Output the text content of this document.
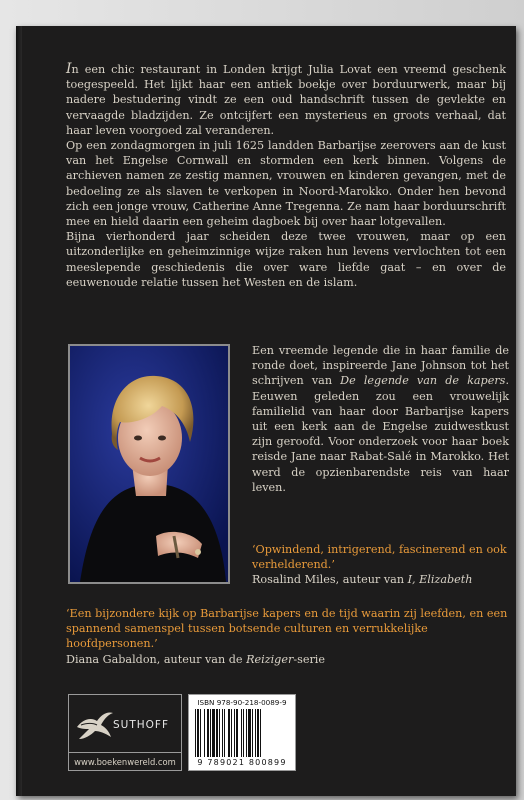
In een chic restaurant in Londen krijgt Julia Lovat een vreemd geschenk toegespeeld. Het lijkt haar een antiek boekje over borduurwerk, maar bij nadere bestudering vindt ze een oud handschrift tussen de gevlekte en vervaagde bladzijden. Ze ontcijfert een mysterieus en groots verhaal, dat haar leven voorgoed zal veranderen.

Op een zondagmorgen in juli 1625 landden Barbarijse zeerovers aan de kust van het Engelse Cornwall en stormden een kerk binnen. Volgens de archieven namen ze zestig mannen, vrouwen en kinderen gevangen, met de bedoeling ze als slaven te verkopen in Noord-Marokko. Onder hen bevond zich een jonge vrouw, Catherine Anne Tregenna. Ze nam haar borduurschrift mee en hield daarin een geheim dagboek bij over haar lotgevallen.

Bijna vierhonderd jaar scheiden deze twee vrouwen, maar op een uitzonderlijke en geheimzinnige wijze raken hun levens vervlochten tot een meeslepende geschiedenis die over ware liefde gaat – en over de eeuwenoude relatie tussen het Westen en de islam.

Een vreemde legende die in haar familie de ronde doet, inspireerde Jane Johnson tot het schrijven van De legende van de kapers. Eeuwen geleden zou een vrouwelijk familielid van haar door Barbarijse kapers uit een kerk aan de Engelse zuidwestkust zijn geroofd. Voor onderzoek voor haar boek reisde Jane naar Rabat-Salé in Marokko. Het werd de opzienbarendste reis van haar leven.
‘Opwindend, intrigerend, fascinerend en ook verhelderend.’
Rosalind Miles, auteur van I, Elizabeth
‘Een bijzondere kijk op Barbarijse kapers en de tijd waarin zij leefden, en een spannend samenspel tussen botsende culturen en verrukkelijke hoofdpersonen.’
Diana Gabaldon, auteur van de Reiziger-serie
SUTHOFF
www.boekenwereld.com
ISBN 978-90-218-0089-9
9 789021 800899
